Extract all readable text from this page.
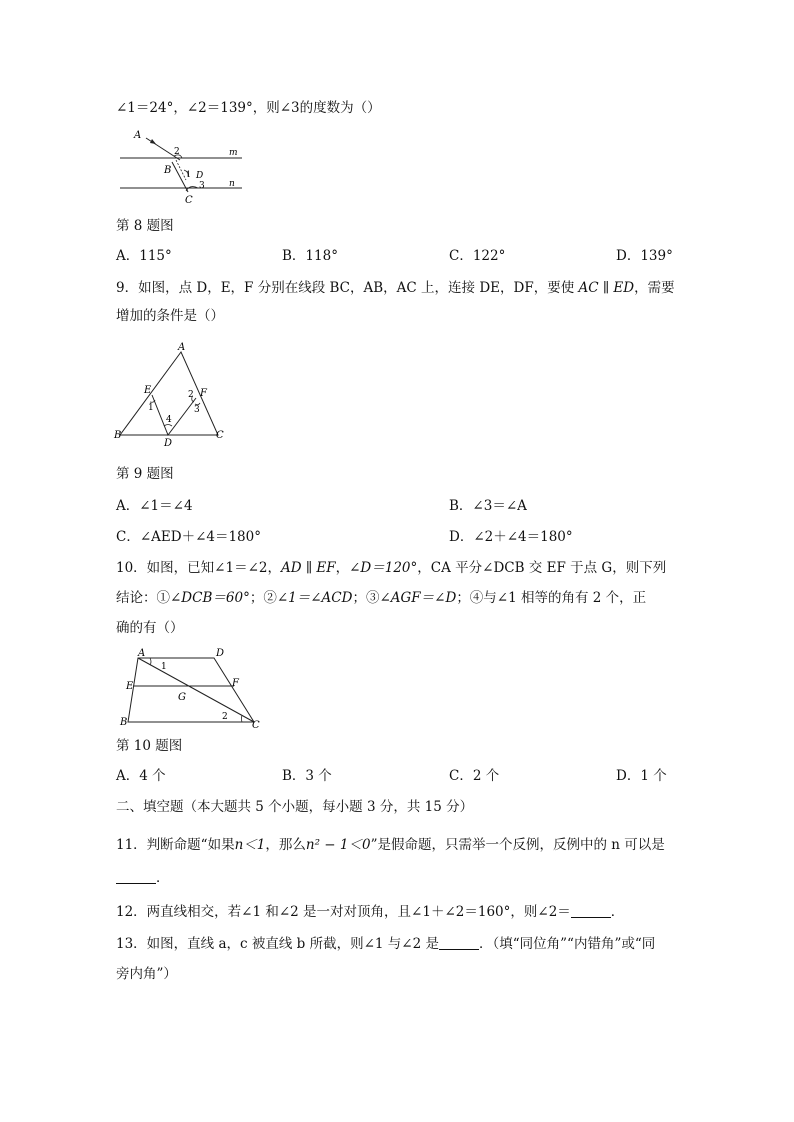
∠1＝24°，∠2＝139°，则∠3的度数为（）
A
2	m
B 1 D
3	n
C
第 8 题图
A．115°	B．118°	C．122°	D．139°
9．如图，点 D，E，F 分别在线段 BC，AB，AC 上，连接 DE，DF，要使 AC ∥ ED，需要
增加的条件是（）
A
E	F
1
2
3
4
B
D
C
第 9 题图
A．∠1＝∠4	B．∠3＝∠A
C．∠AED＋∠4＝180°	D．∠2＋∠4＝180°
10．如图，已知∠1＝∠2，AD ∥ EF，∠D＝120°，CA 平分∠DCB 交 EF 于点 G，则下列
结论：①∠DCB＝60°；②∠1＝∠ACD；③∠AGF＝∠D；④与∠1 相等的角有 2 个，正
确的有（）
A
1
D
E	F
G
B	2
C
第 10 题图
A．4 个	B．3 个	C．2 个	D．1 个
二、填空题（本大题共 5 个小题，每小题 3 分，共 15 分）
11．判断命题“如果n＜1，那么n² − 1＜0”是假命题，只需举一个反例，反例中的 n 可以是
．
12．两直线相交，若∠1 和∠2 是一对对顶角，且∠1＋∠2＝160°，则∠2＝	．
13．如图，直线 a，c 被直线 b 所截，则∠1 与∠2 是	．（填“同位角”“内错角”或“同
旁内角”）
